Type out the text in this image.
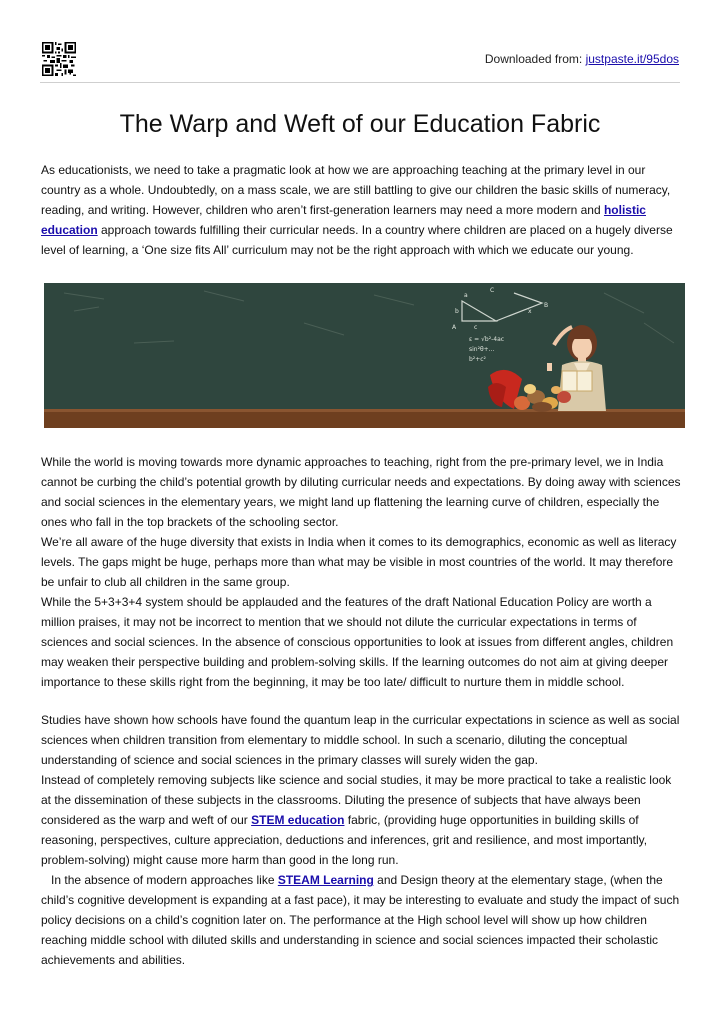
Downloaded from: justpaste.it/95dos
The Warp and Weft of our Education Fabric

As educationists, we need to take a pragmatic look at how we are approaching teaching at the primary level in our country as a whole. Undoubtedly, on a mass scale, we are still battling to give our children the basic skills of numeracy, reading, and writing. However, children who aren’t first-generation learners may need a more modern and holistic education approach towards fulfilling their curricular needs. In a country where children are placed on a hugely diverse level of learning, a ‘One size fits All’ curriculum may not be the right approach with which we educate our young.

a
b
c
x
C
A
B
ε = √b²-4ac
sin²θ+...
b²+c²

While the world is moving towards more dynamic approaches to teaching, right from the pre-primary level, we in India cannot be curbing the child’s potential growth by diluting curricular needs and expectations. By doing away with sciences and social sciences in the elementary years, we might land up flattening the learning curve of children, especially the ones who fall in the top brackets of the schooling sector.

We’re all aware of the huge diversity that exists in India when it comes to its demographics, economic as well as literacy levels. The gaps might be huge, perhaps more than what may be visible in most countries of the world. It may therefore be unfair to club all children in the same group.

While the 5+3+3+4 system should be applauded and the features of the draft National Education Policy are worth a million praises, it may not be incorrect to mention that we should not dilute the curricular expectations in terms of sciences and social sciences. In the absence of conscious opportunities to look at issues from different angles, children may weaken their perspective building and problem-solving skills. If the learning outcomes do not aim at giving deeper importance to these skills right from the beginning, it may be too late/ difficult to nurture them in middle school.

Studies have shown how schools have found the quantum leap in the curricular expectations in science as well as social sciences when children transition from elementary to middle school. In such a scenario, diluting the conceptual understanding of science and social sciences in the primary classes will surely widen the gap.

Instead of completely removing subjects like science and social studies, it may be more practical to take a realistic look at the dissemination of these subjects in the classrooms. Diluting the presence of subjects that have always been considered as the warp and weft of our STEM education fabric, (providing huge opportunities in building skills of reasoning, perspectives, culture appreciation, deductions and inferences, grit and resilience, and most importantly, problem-solving) might cause more harm than good in the long run.

In the absence of modern approaches like STEAM Learning and Design theory at the elementary stage, (when the child’s cognitive development is expanding at a fast pace), it may be interesting to evaluate and study the impact of such policy decisions on a child’s cognition later on. The performance at the High school level will show up how children reaching middle school with diluted skills and understanding in science and social sciences impacted their scholastic achievements and abilities.
